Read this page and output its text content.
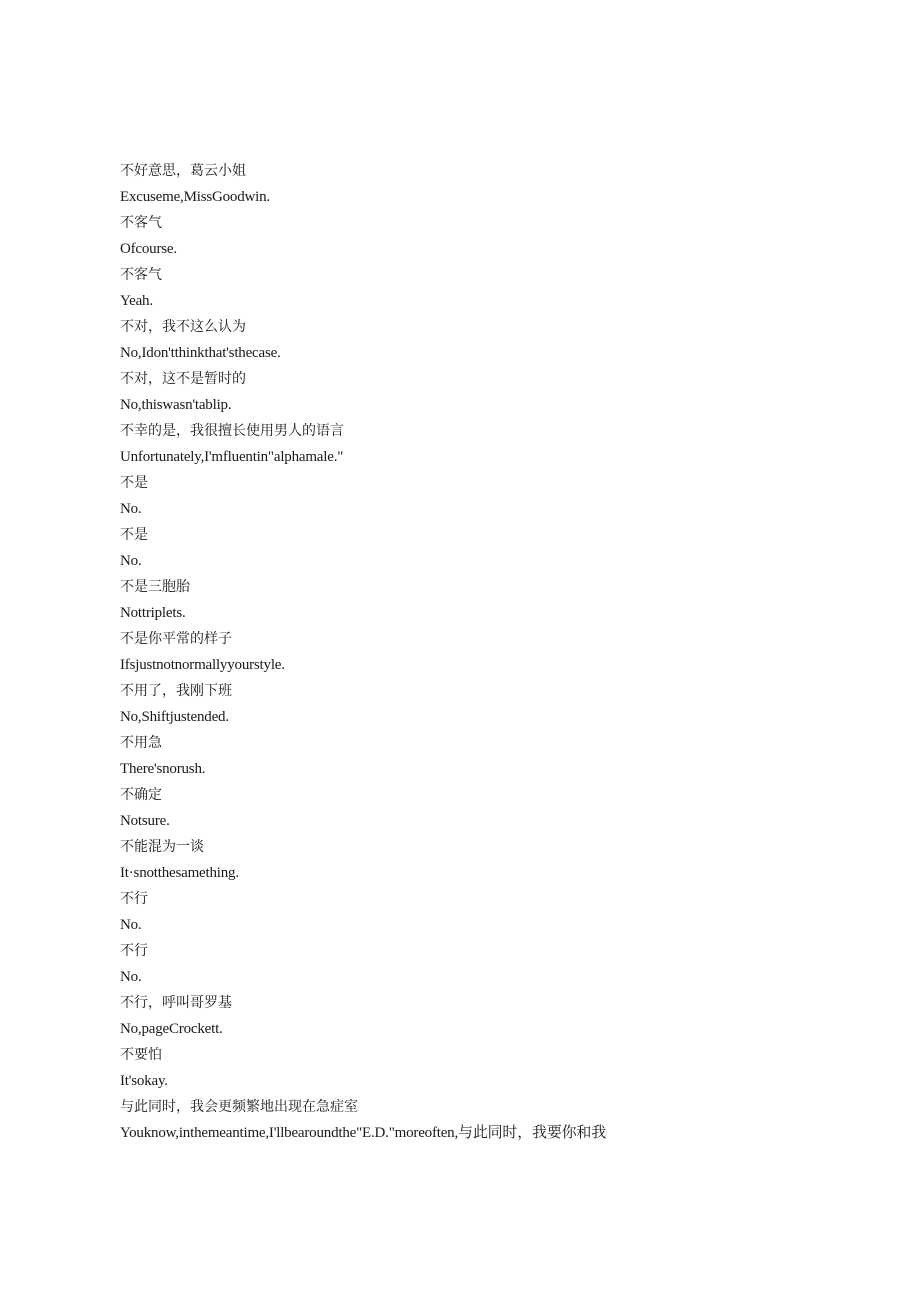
不好意思，葛云小姐
Excuseme,MissGoodwin.
不客气
Ofcourse.
不客气
Yeah.
不对，我不这么认为
No,Idon'tthinkthat'sthecase.
不对，这不是暂时的
No,thiswasn'tablip.
不幸的是，我很擅长使用男人的语言
Unfortunately,I'mfluentin"alphamale."
不是
No.
不是
No.
不是三胞胎
Nottriplets.
不是你平常的样子
Ifsjustnotnormallyyourstyle.
不用了，我刚下班
No,Shiftjustended.
不用急
There'snorush.
不确定
Notsure.
不能混为一谈
It·snotthesamething.
不行
No.
不行
No.
不行，呼叫哥罗基
No,pageCrockett.
不要怕
It'sokay.
与此同时，我会更频繁地出现在急症室
Youknow,inthemeantime,I'llbearoundthe"E.D."moreoften,与此同时，我要你和我
